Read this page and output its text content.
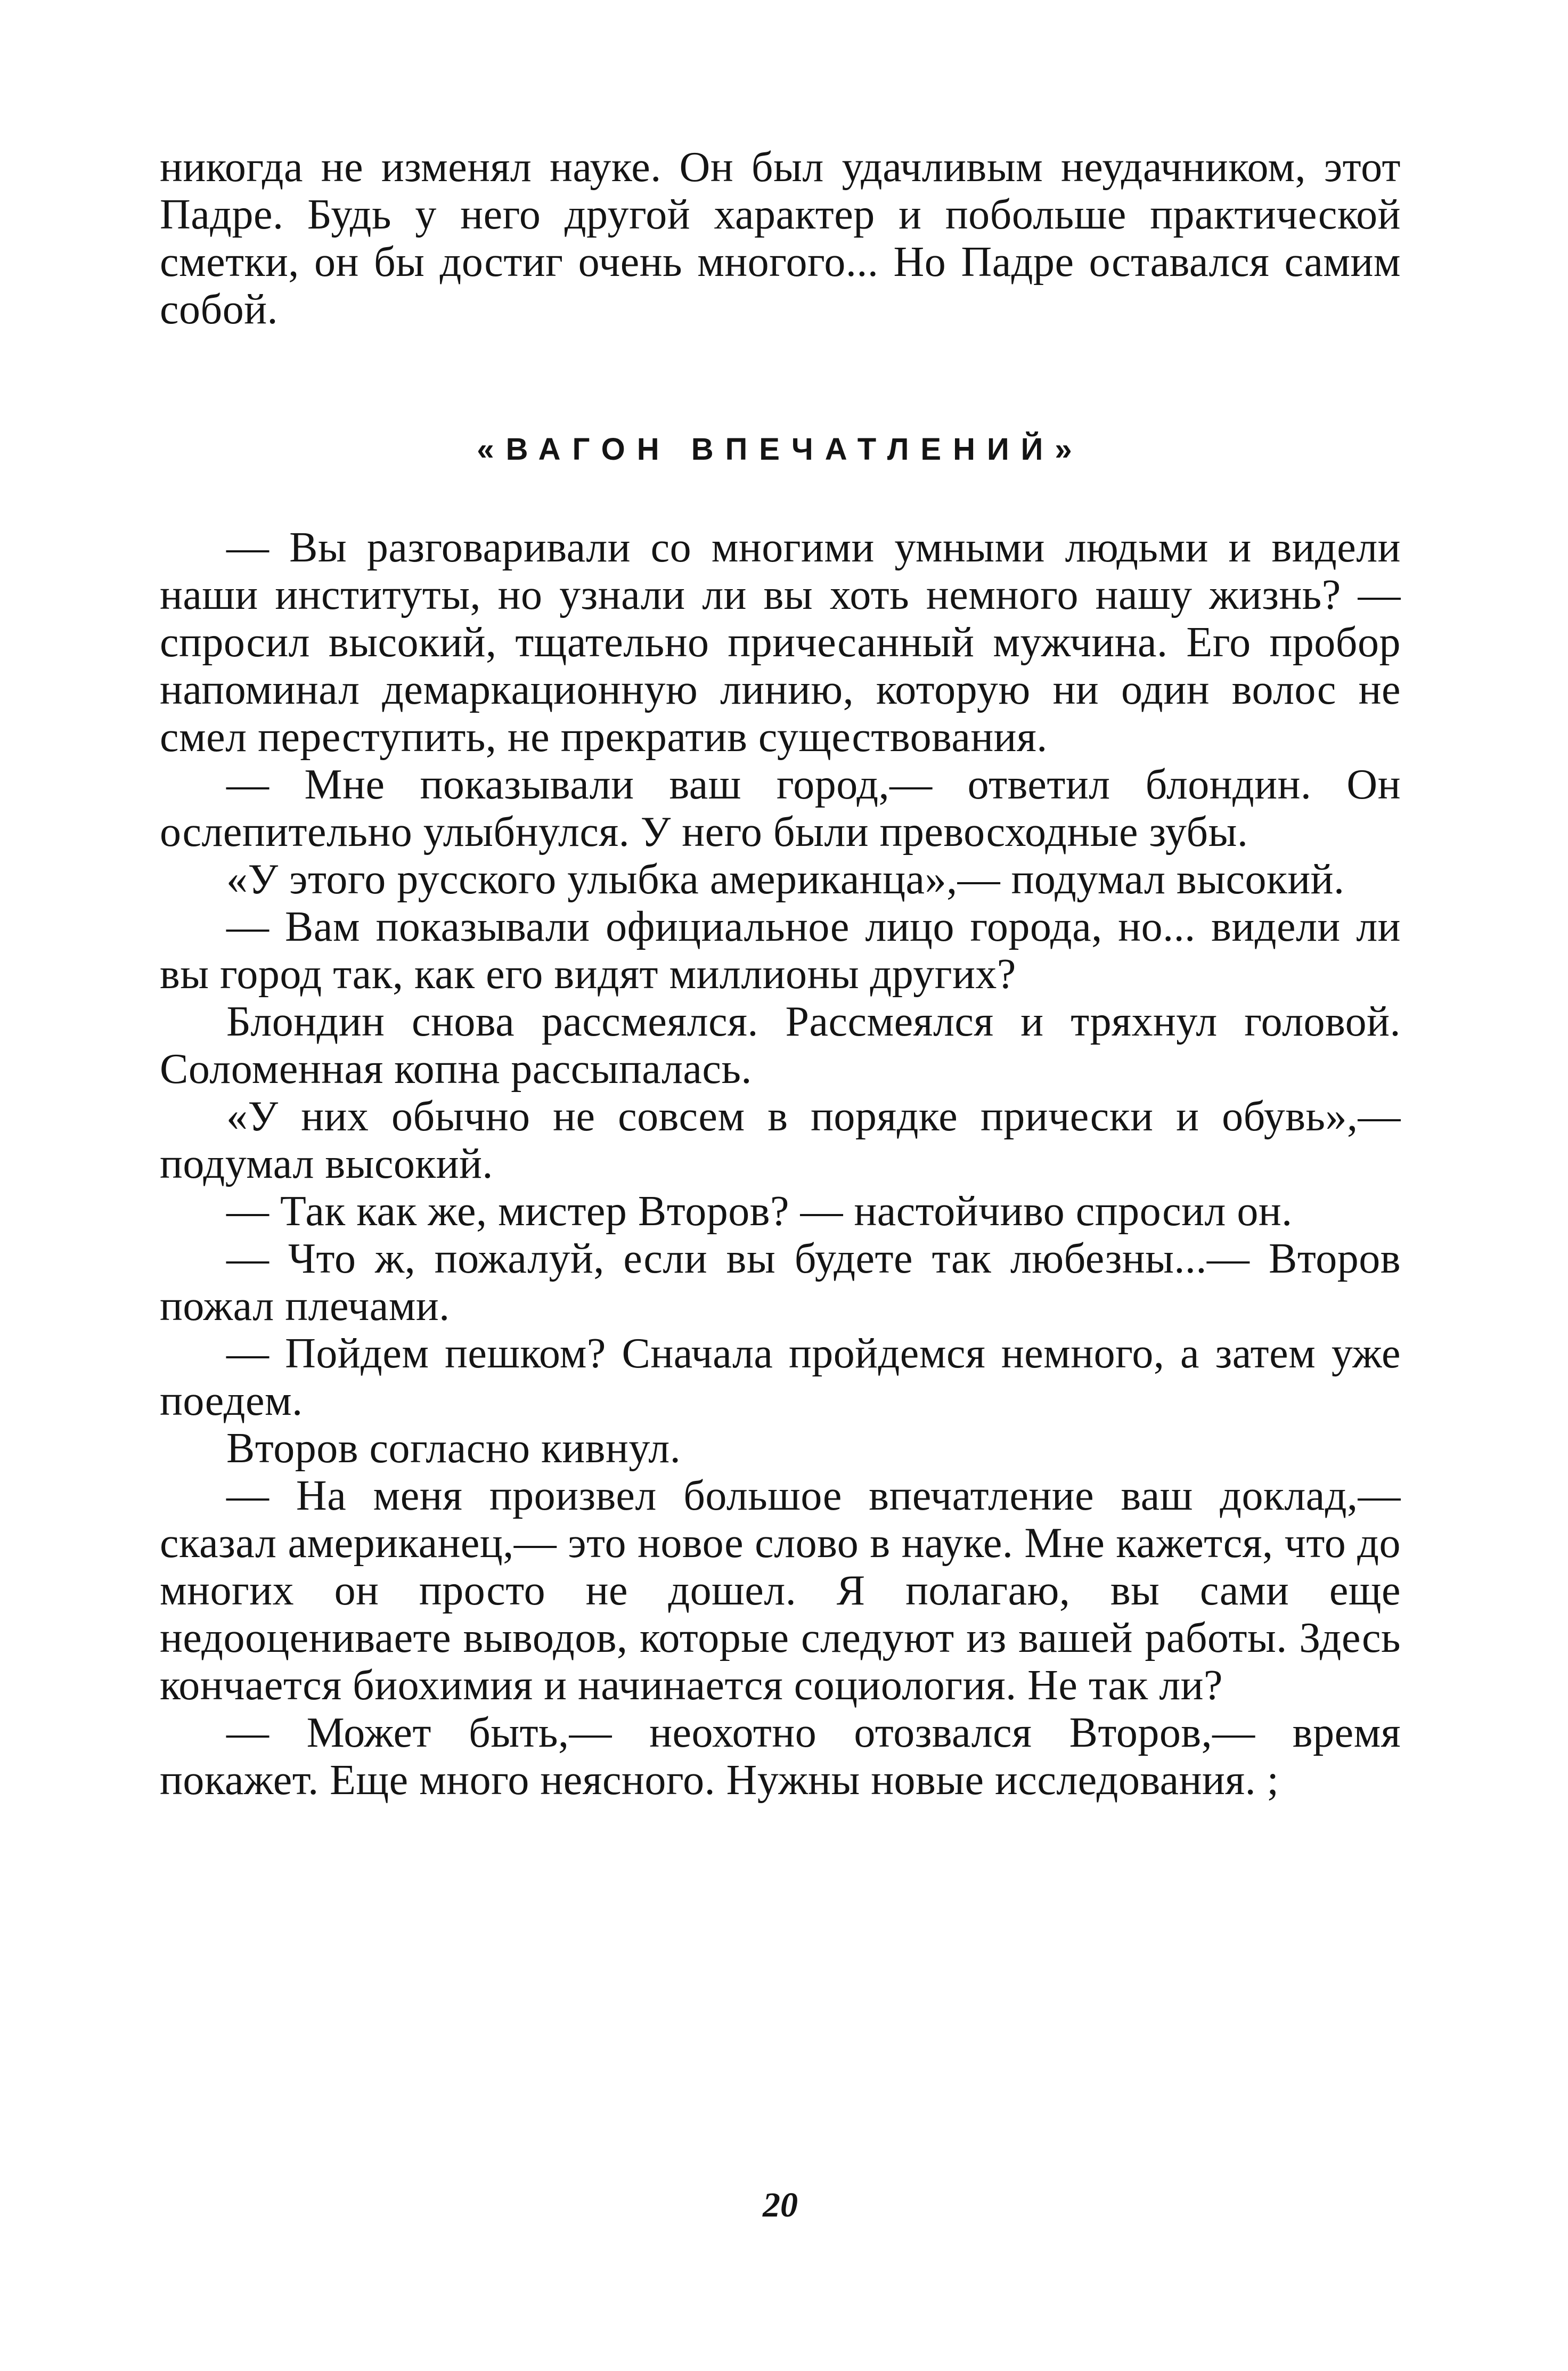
никогда не изменял науке. Он был удачливым неудачником, этот Падре. Будь у него другой характер и побольше практической сметки, он бы достиг очень многого... Но Падре оставался самим собой.

«ВАГОН ВПЕЧАТЛЕНИЙ»

— Вы разговаривали со многими умными людьми и видели наши институты, но узнали ли вы хоть немного нашу жизнь? — спросил высокий, тщательно причесанный мужчина. Его пробор напоминал демаркационную линию, которую ни один волос не смел переступить, не прекратив существования.

— Мне показывали ваш город,— ответил блондин. Он ослепительно улыбнулся. У него были превосходные зубы.

«У этого русского улыбка американца»,— подумал высокий.

— Вам показывали официальное лицо города, но... видели ли вы город так, как его видят миллионы других?

Блондин снова рассмеялся. Рассмеялся и тряхнул головой. Соломенная копна рассыпалась.

«У них обычно не совсем в порядке прически и обувь»,— подумал высокий.

— Так как же, мистер Второв? — настойчиво спросил он.

— Что ж, пожалуй, если вы будете так любезны...— Второв пожал плечами.

— Пойдем пешком? Сначала пройдемся немного, а затем уже поедем.

Второв согласно кивнул.

— На меня произвел большое впечатление ваш доклад,— сказал американец,— это новое слово в науке. Мне кажется, что до многих он просто не дошел. Я полагаю, вы сами еще недооцениваете выводов, которые следуют из вашей работы. Здесь кончается биохимия и начинается социология. Не так ли?

— Может быть,— неохотно отозвался Второв,— время покажет. Еще много неясного. Нужны новые исследования. ;

20
